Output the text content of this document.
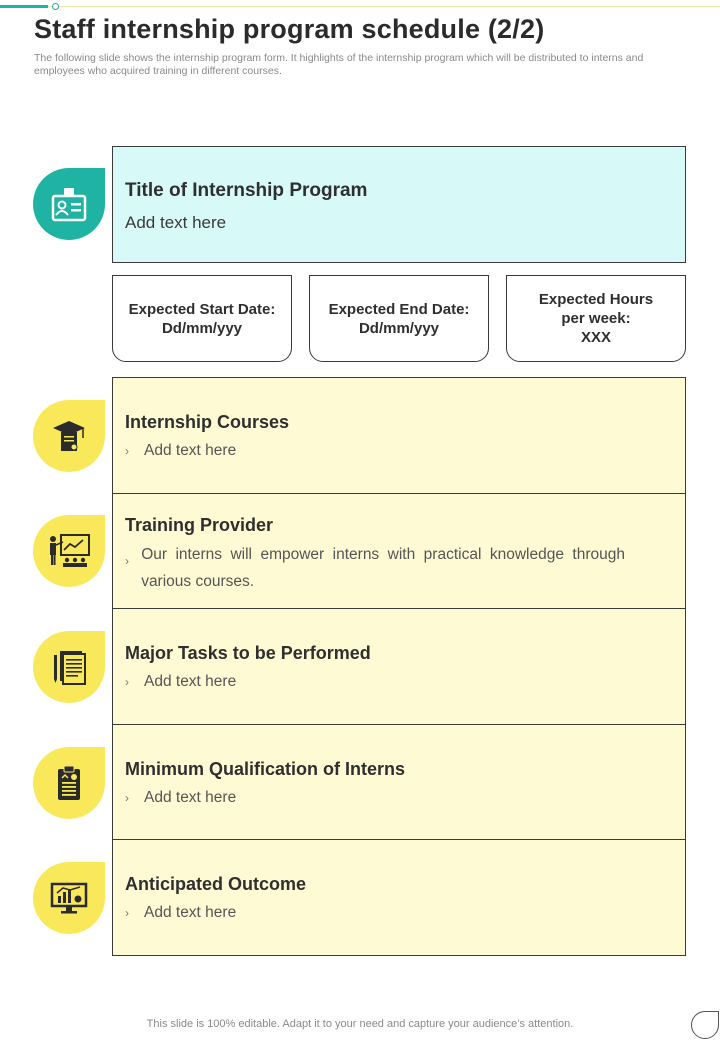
Staff internship program schedule (2/2)

The following slide shows the internship program form. It highlights of the internship program which will be distributed to interns and employees who acquired training in different courses.

Title of Internship Program
Add text here
Expected Start Date:
Dd/mm/yyy
Expected End Date:
Dd/mm/yyy
Expected Hours
per week:
XXX
Internship Courses
› Add text here
Training Provider
› Our interns will empower interns with practical knowledge through various courses.
Major Tasks to be Performed
› Add text here
Minimum Qualification of Interns
› Add text here
Anticipated Outcome
› Add text here
This slide is 100% editable. Adapt it to your need and capture your audience’s attention.
